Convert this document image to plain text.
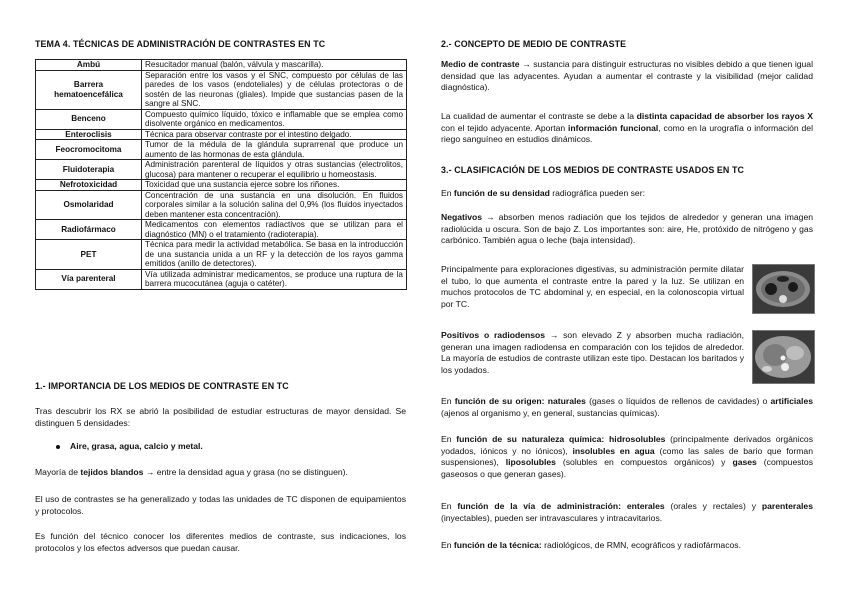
TEMA 4. TÉCNICAS DE ADMINISTRACIÓN DE CONTRASTES EN TC
Ambú	Resucitador manual (balón, válvula y mascarilla).
Barrera hematoencefálica	Separación entre los vasos y el SNC, compuesto por células de las paredes de los vasos (endoteliales) y de células protectoras o de sostén de las neuronas (gliales). Impide que sustancias pasen de la sangre al SNC.
Benceno	Compuesto químico líquido, tóxico e inflamable que se emplea como disolvente orgánico en medicamentos.
Enteroclisis	Técnica para observar contraste por el intestino delgado.
Feocromocitoma	Tumor de la médula de la glándula suprarrenal que produce un aumento de las hormonas de esta glándula.
Fluidoterapia	Administración parenteral de líquidos y otras sustancias (electrolitos, glucosa) para mantener o recuperar el equilibrio u homeostasis.
Nefrotoxicidad	Toxicidad que una sustancia ejerce sobre los riñones.
Osmolaridad	Concentración de una sustancia en una disolución. En fluidos corporales similar a la solución salina del 0,9% (los fluidos inyectados deben mantener esta concentración).
Radiofármaco	Medicamentos con elementos radiactivos que se utilizan para el diagnóstico (MN) o el tratamiento (radioterapia).
PET	Técnica para medir la actividad metabólica. Se basa en la introducción de una sustancia unida a un RF y la detección de los rayos gamma emitidos (anillo de detectores).
Vía parenteral	Vía utilizada administrar medicamentos, se produce una ruptura de la barrera mucocutánea (aguja o catéter).
1.- IMPORTANCIA DE LOS MEDIOS DE CONTRASTE EN TC

Tras descubrir los RX se abrió la posibilidad de estudiar estructuras de mayor densidad. Se distinguen 5 densidades:

Aire, grasa, agua, calcio y metal.

Mayoría de tejidos blandos → entre la densidad agua y grasa (no se distinguen).

El uso de contrastes se ha generalizado y todas las unidades de TC disponen de equipamientos y protocolos.

Es función del técnico conocer los diferentes medios de contraste, sus indicaciones, los protocolos y los efectos adversos que puedan causar.

2.- CONCEPTO DE MEDIO DE CONTRASTE

Medio de contraste → sustancia para distinguir estructuras no visibles debido a que tienen igual densidad que las adyacentes. Ayudan a aumentar el contraste y la visibilidad (mejor calidad diagnóstica).

La cualidad de aumentar el contraste se debe a la distinta capacidad de absorber los rayos X con el tejido adyacente. Aportan información funcional, como en la urografía o información del riego sanguíneo en estudios dinámicos.

3.- CLASIFICACIÓN DE LOS MEDIOS DE CONTRASTE USADOS EN TC

En función de su densidad radiográfica pueden ser:

Negativos → absorben menos radiación que los tejidos de alrededor y generan una imagen radiolúcida u oscura. Son de bajo Z. Los importantes son: aire, He, protóxido de nitrógeno y gas carbónico. También agua o leche (baja intensidad).

Principalmente para exploraciones digestivas, su administración permite dilatar el tubo, lo que aumenta el contraste entre la pared y la luz. Se utilizan en muchos protocolos de TC abdominal y, en especial, en la colonoscopia virtual por TC.

Positivos o radiodensos → son elevado Z y absorben mucha radiación, generan una imagen radiodensa en comparación con los tejidos de alrededor. La mayoría de estudios de contraste utilizan este tipo. Destacan los baritados y los yodados.

En función de su origen: naturales (gases o líquidos de rellenos de cavidades) o artificiales (ajenos al organismo y, en general, sustancias químicas).

En función de su naturaleza química: hidrosolubles (principalmente derivados orgánicos yodados, iónicos y no iónicos), insolubles en agua (como las sales de bario que forman suspensiones), liposolubles (solubles en compuestos orgánicos) y gases (compuestos gaseosos o que generan gases).

En función de la vía de administración: enterales (orales y rectales) y parenterales (inyectables), pueden ser intravasculares y intracavitarios.

En función de la técnica: radiológicos, de RMN, ecográficos y radiofármacos.
